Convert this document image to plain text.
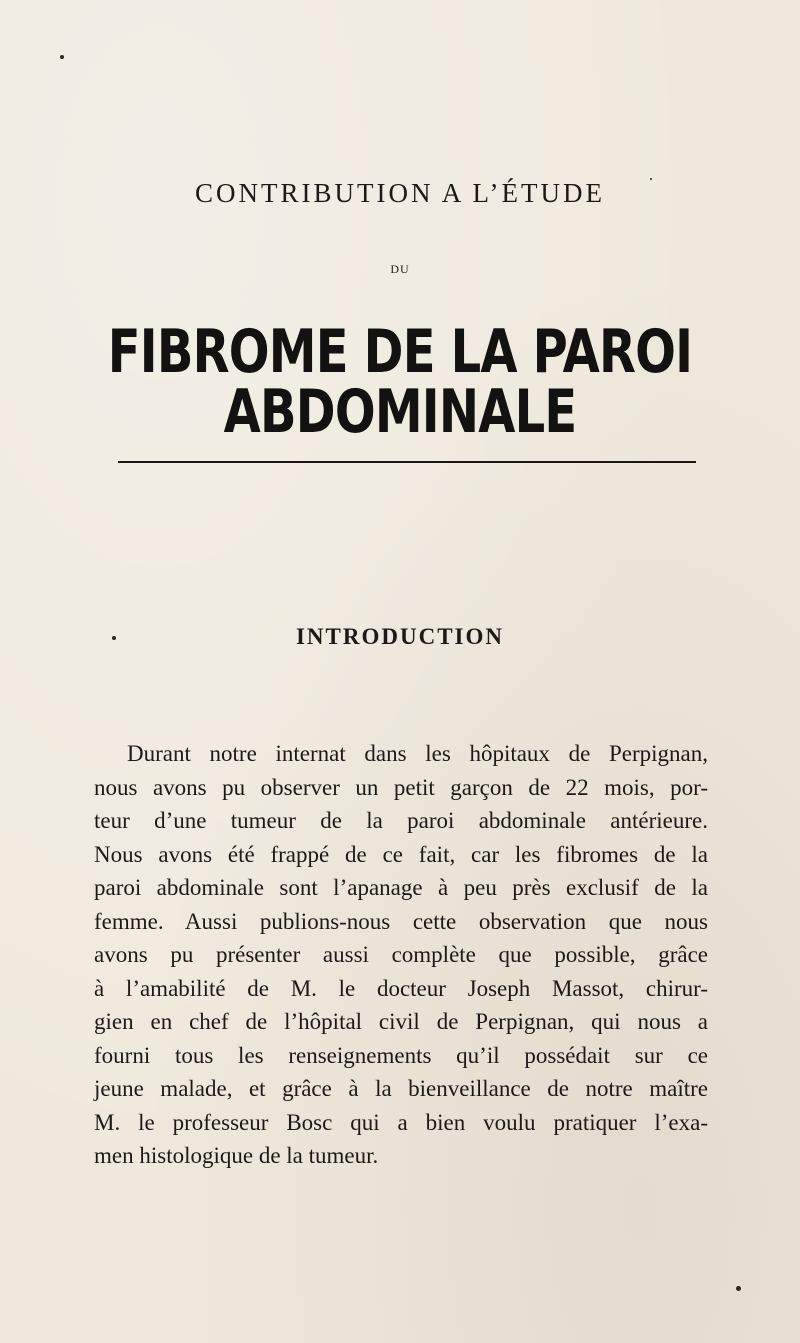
CONTRIBUTION A L’ÉTUDE
DU
FIBROME DE LA PAROI ABDOMINALE
INTRODUCTION
Durant notre internat dans les hôpitaux de Perpignan,
nous avons pu observer un petit garçon de 22 mois, por-
teur d’une tumeur de la paroi abdominale antérieure.
Nous avons été frappé de ce fait, car les fibromes de la
paroi abdominale sont l’apanage à peu près exclusif de la
femme. Aussi publions-nous cette observation que nous
avons pu présenter aussi complète que possible, grâce
à l’amabilité de M. le docteur Joseph Massot, chirur-
gien en chef de l’hôpital civil de Perpignan, qui nous a
fourni tous les renseignements qu’il possédait sur ce
jeune malade, et grâce à la bienveillance de notre maître
M. le professeur Bosc qui a bien voulu pratiquer l’exa-
men histologique de la tumeur.
